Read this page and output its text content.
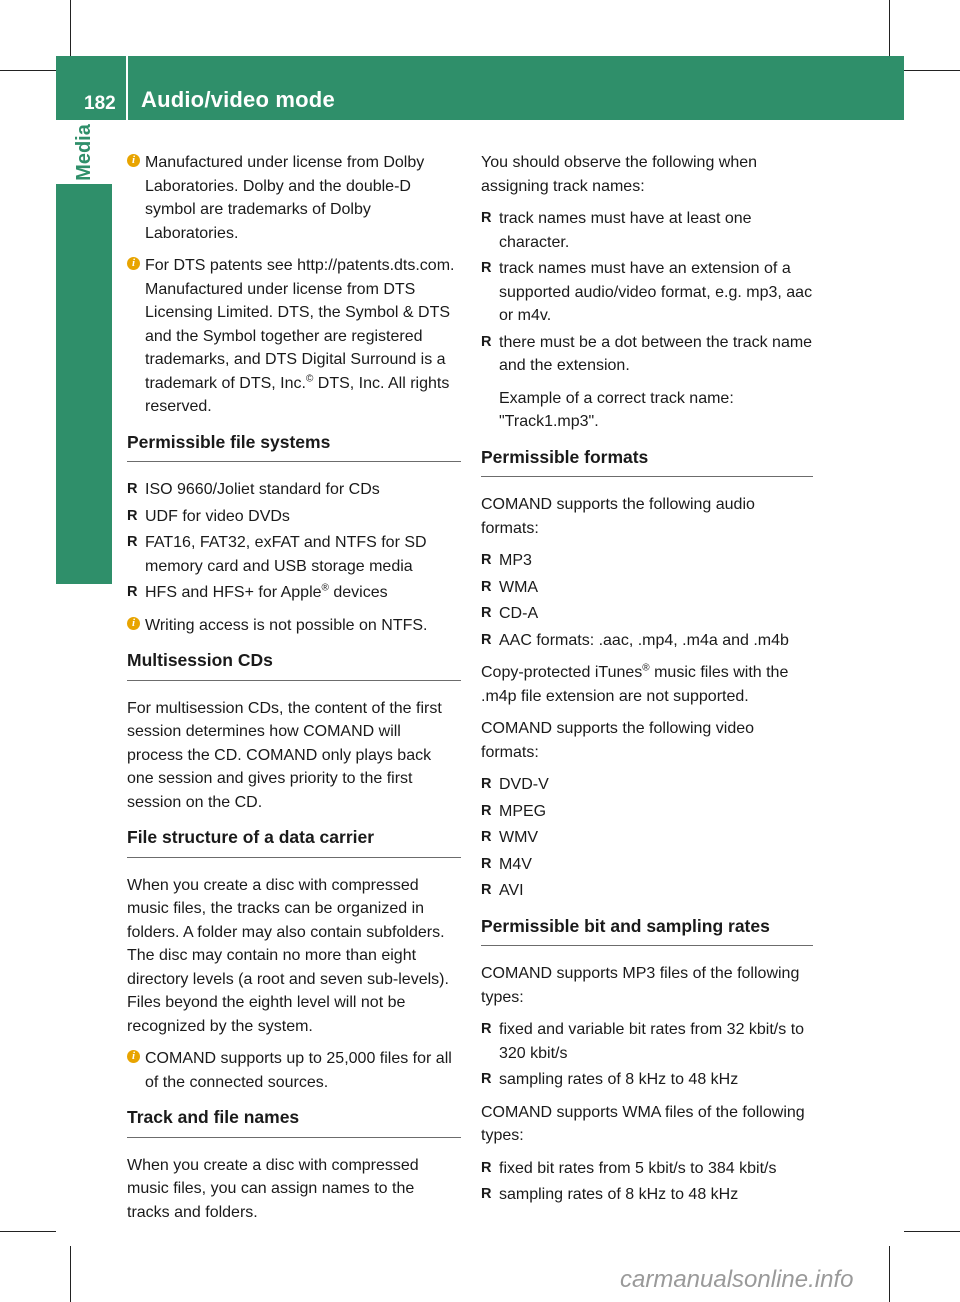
182 Audio/video mode
Media	i Manufactured under license from Dolby Laboratories. Dolby and the double-D symbol are trademarks of Dolby Laboratories.
i For DTS patents see http://patents.dts.com. Manufactured under license from DTS Licensing Limited. DTS, the Symbol & DTS and the Symbol together are registered trademarks, and DTS Digital Surround is a trademark of DTS, Inc.© DTS, Inc. All rights reserved.
Permissible file systems
R ISO 9660/Joliet standard for CDs
R UDF for video DVDs
R FAT16, FAT32, exFAT and NTFS for SD memory card and USB storage media
R HFS and HFS+ for Apple® devices
i Writing access is not possible on NTFS.
Multisession CDs

For multisession CDs, the content of the first session determines how COMAND will process the CD. COMAND only plays back one session and gives priority to the first session on the CD.

File structure of a data carrier

When you create a disc with compressed music files, the tracks can be organized in folders. A folder may also contain subfolders. The disc may contain no more than eight directory levels (a root and seven sub-levels). Files beyond the eighth level will not be recognized by the system.

i COMAND supports up to 25,000 files for all of the connected sources.
Track and file names

When you create a disc with compressed music files, you can assign names to the tracks and folders.

You should observe the following when assigning track names:

R track names must have at least one character.
R track names must have an extension of a supported audio/video format, e.g. mp3, aac or m4v.
R there must be a dot between the track name and the extension.

Example of a correct track name: "Track1.mp3".

Permissible formats

COMAND supports the following audio formats:

R MP3
R WMA
R CD-A
R AAC formats: .aac, .mp4, .m4a and .m4b

Copy-protected iTunes® music files with the .m4p file extension are not supported.

COMAND supports the following video formats:

R DVD-V
R MPEG
R WMV
R M4V
R AVI
Permissible bit and sampling rates

COMAND supports MP3 files of the following types:

R fixed and variable bit rates from 32 kbit/s to 320 kbit/s
R sampling rates of 8 kHz to 48 kHz

COMAND supports WMA files of the following types:

R fixed bit rates from 5 kbit/s to 384 kbit/s
R sampling rates of 8 kHz to 48 kHz
carmanualsonline.info
